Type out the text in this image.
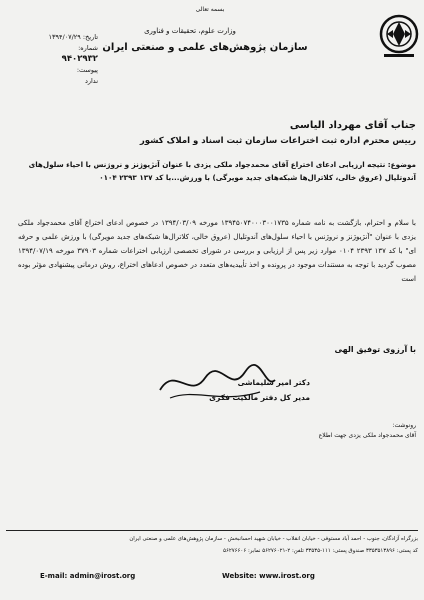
بسمه تعالی
وزارت علوم، تحقیقات و فناوری
سازمان پژوهش‌های علمی و صنعتی ایران
تاریخ: ۱۳۹۴/۰۷/۲۹
شماره:
۹۴۰۲۹۳۲
پیوست:
ندارد
جناب آقای مهرداد الیاسی
رییس محترم اداره ثبت اختراعات سازمان ثبت اسناد و املاک کشور
موضوع: نتیجه ارزیابی ادعای اختراع آقای محمدجواد ملکی یزدی با عنوان آنژیوژنز و نروژنس با احیاء سلول‌های آندوتلیال (عروق خالی، کلاترال‌ها شبکه‌های جدید مویرگی) با ورزش...با کد ۱۳۷ ۲۳۹۳ ۰۱۰۴
با سلام و احترام، بازگشت به نامه شماره ۱۳۹۴۵۰۷۴۰۰۰۳۰۰۱۷۳۵ مورخه ۱۳۹۴/۰۳/۰۹ در خصوص ادعای اختراع آقای محمدجواد ملکی یزدی با عنوان "آنژیوژنز و نروژنس با احیاء سلول‌های آندوتلیال (عروق خالی، کلاترال‌ها شبکه‌های جدید مویرگی) با ورزش علمی و حرفه ای" با کد ۱۳۷ ۲۳۹۳ ۰۱۰۴ موارد زیر پس از ارزیابی و بررسی در شورای تخصصی ارزیابی اختراعات شماره ۳۷۹۰۳ مورخه ۱۳۹۴/۰۷/۱۹ مصوب گردید با توجه به مستندات موجود در پرونده و اخذ تأییدیه‌های متعدد در خصوص ادعاهای اختراع، روش درمانی پیشنهادی مؤثر بوده است
با آرزوی توفیق الهی
دکتر امیر سلیماشی
مدیر کل دفتر مالکیت فکری
رونوشت:
آقای محمدجواد ملکی یزدی جهت اطلاع
بزرگراه آزادگان، جنوب - احمد آباد مستوفی - خیابان انقلاب - خیابان شهید احسانبخش - سازمان پژوهش‌های علمی و صنعتی ایران
کد پستی: ۳۳۵۳۵۱۳۸۹۶ صندوق پستی: ۱۱۱-۳۳۵۳۵ تلفن: ۲-۵۶۲۷۶۰۲۱ نمابر: ۵۶۲۷۶۶۰۶
E-mail: admin@irost.org	Website: www.irost.org
